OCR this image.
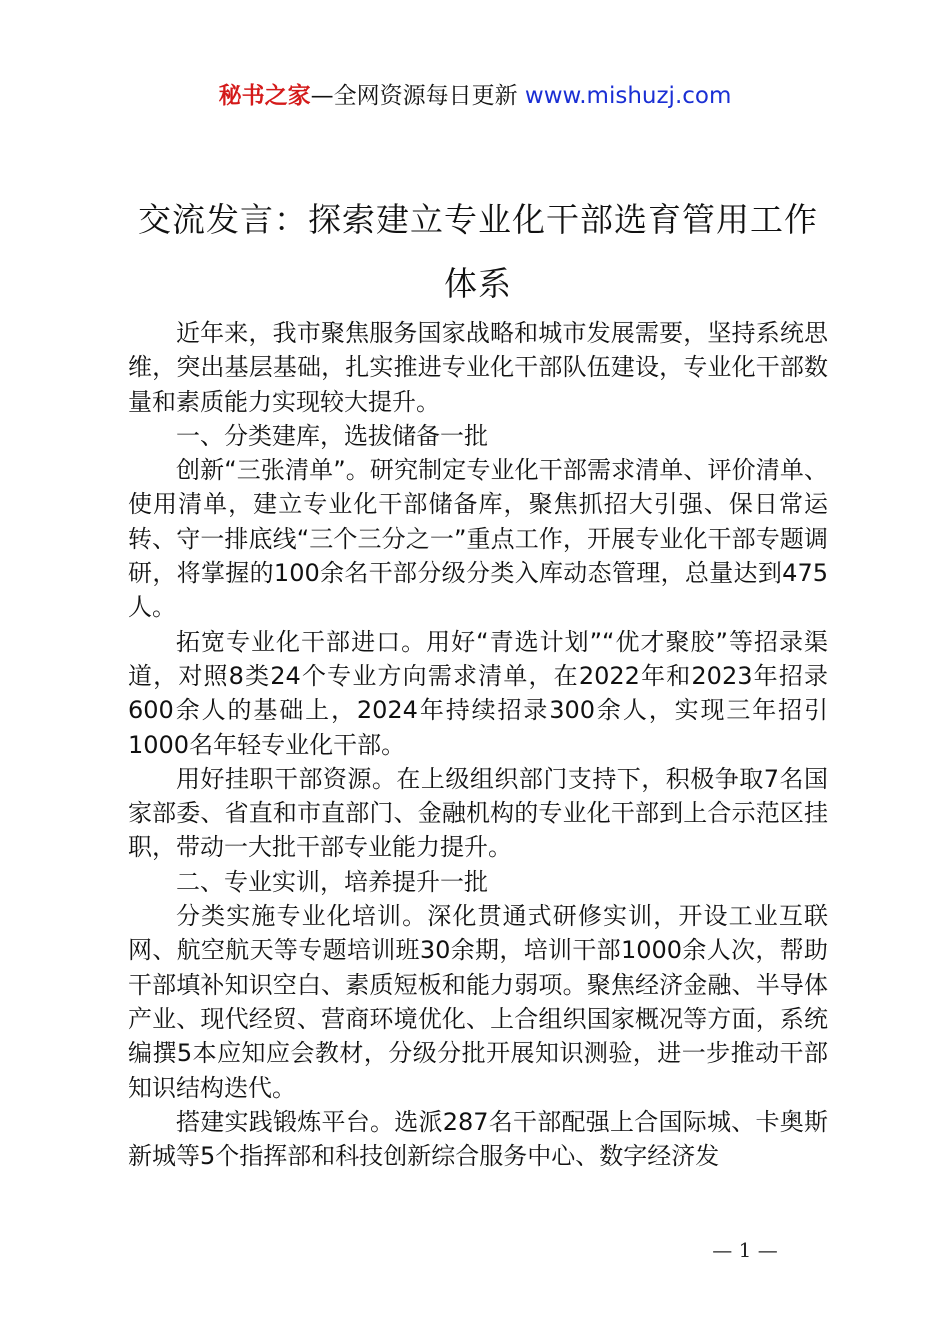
秘书之家—全网资源每日更新 www.mishuzj.com
交流发言：探索建立专业化干部选育管用工作体系

近年来，我市聚焦服务国家战略和城市发展需要，坚持系统思维，突出基层基础，扎实推进专业化干部队伍建设，专业化干部数量和素质能力实现较大提升。

一、分类建库，选拔储备一批

创新“三张清单”。研究制定专业化干部需求清单、评价清单、使用清单，建立专业化干部储备库，聚焦抓招大引强、保日常运转、守一排底线“三个三分之一”重点工作，开展专业化干部专题调研，将掌握的100余名干部分级分类入库动态管理，总量达到475人。

拓宽专业化干部进口。用好“青选计划”“优才聚胶”等招录渠道，对照8类24个专业方向需求清单，在2022年和2023年招录600余人的基础上，2024年持续招录300余人，实现三年招引1000名年轻专业化干部。

用好挂职干部资源。在上级组织部门支持下，积极争取7名国家部委、省直和市直部门、金融机构的专业化干部到上合示范区挂职，带动一大批干部专业能力提升。

二、专业实训，培养提升一批

分类实施专业化培训。深化贯通式研修实训，开设工业互联网、航空航天等专题培训班30余期，培训干部1000余人次，帮助干部填补知识空白、素质短板和能力弱项。聚焦经济金融、半导体产业、现代经贸、营商环境优化、上合组织国家概况等方面，系统编撰5本应知应会教材，分级分批开展知识测验，进一步推动干部知识结构迭代。

搭建实践锻炼平台。选派287名干部配强上合国际城、卡奥斯新城等5个指挥部和科技创新综合服务中心、数字经济发

— 1 —
